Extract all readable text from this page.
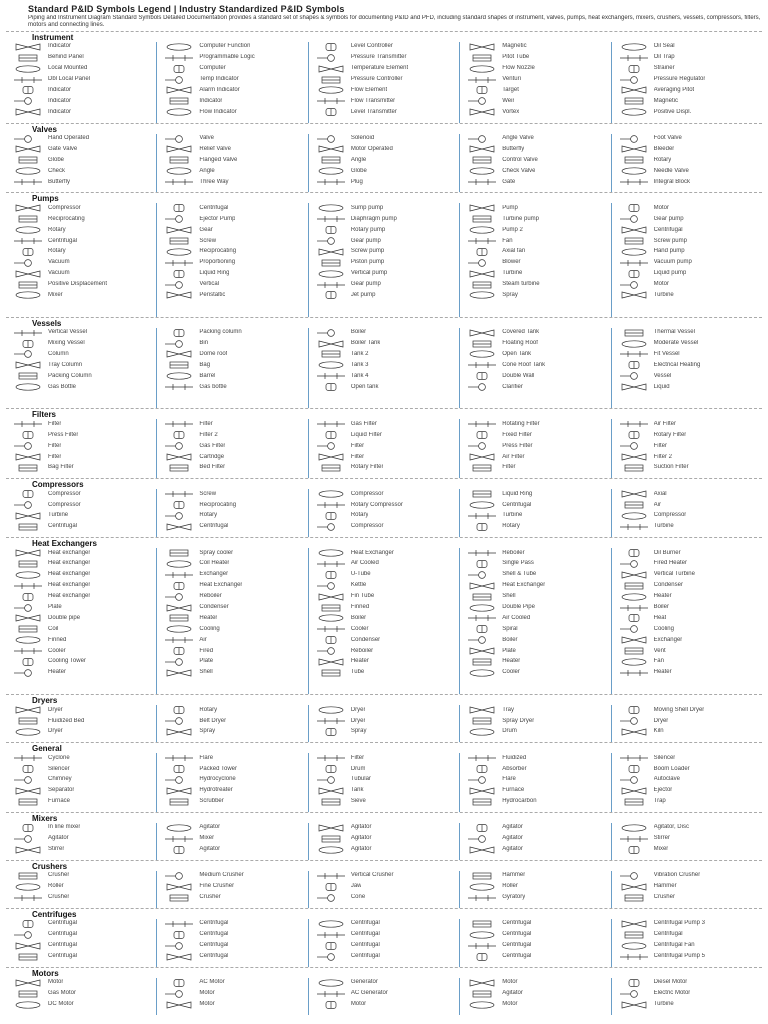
Standard P&ID Symbols Legend | Industry Standardized P&ID Symbols
Piping and Instrument Diagram Standard Symbols Detailed Documentation provides a standard set of shapes & symbols for documenting P&ID and PFD, including standard shapes of instrument, valves, pumps, heat exchangers, mixers, crushers, vessels, compressors, filters, motors and connecting lines.
Instrument
Indicator
Behind Panel
Local Mounted
Dbl Local Panel
Indicator
Indicator
Indicator
Computer Function
Programmable Logic
Computer
Temp Indicator
Alarm Indicator
Indicator
Flow Indicator
Level Controller
Pressure Transmitter
Temperature Element
Pressure Controller
Flow Element
Flow Transmitter
Level Transmitter
Magnetic
Pitot Tube
Flow Nozzle
Venturi
Target
Weir
Vortex
Oil Seal
Oil Trap
Strainer
Pressure Regulator
Averaging Pitot
Magnetic
Positive Displ.
Valves
Hand Operated
Gate Valve
Globe
Check
Butterfly
Valve
Relief Valve
Flanged Valve
Angle
Three Way
Solenoid
Motor Operated
Angle
Globe
Plug
Angle Valve
Butterfly
Control Valve
Check Valve
Gate
Foot Valve
Bleeder
Rotary
Needle Valve
Integral Block
Pumps
Compressor
Reciprocating
Rotary
Centrifugal
Rotary
Vacuum
Vacuum
Positive Displacement
Mixer
Centrifugal
Ejector Pump
Gear
Screw
Reciprocating
Proportioning
Liquid Ring
Vertical
Peristaltic
Sump pump
Diaphragm pump
Rotary pump
Gear pump
Screw pump
Piston pump
Vertical pump
Gear pump
Jet pump
Pump
Turbine pump
Pump 2
Fan
Axial fan
Blower
Turbine
Steam turbine
Spray
Motor
Gear pump
Centrifugal
Screw pump
Hand pump
Vacuum pump
Liquid pump
Motor
Turbine
Vessels
Vertical Vessel
Mixing Vessel
Column
Tray Column
Packing Column
Gas Bottle
Packing column
Bin
Dome roof
Bag
Barrel
Gas bottle
Boiler
Boiler Tank
Tank 2
Tank 3
Tank 4
Open tank
Covered Tank
Floating Roof
Open Tank
Cone Roof Tank
Double Wall
Clarifier
Thermal Vessel
Moderate Vessel
Fit Vessel
Electrical Heating
Vessel
Liquid
Filters
Filter
Press Filter
Filter
Filter
Bag Filter
Filter
Filter 2
Gas Filter
Cartridge
Bed Filter
Gas Filter
Liquid Filter
Filter
Filter
Rotary Filter
Rotating Filter
Fixed Filter
Press Filter
Air Filter
Filter
Air Filter
Rotary Filter
Filter
Filter 2
Suction Filter
Compressors
Compressor
Compressor
Turbine
Centrifugal
Screw
Reciprocating
Rotary
Centrifugal
Compressor
Rotary Compressor
Rotary
Compressor
Liquid Ring
Centrifugal
Turbine
Rotary
Axial
Air
Compressor
Turbine
Heat Exchangers
Heat exchanger
Heat exchanger
Heat exchanger
Heat exchanger
Heat exchanger
Plate
Double pipe
Coil
Finned
Cooler
Cooling Tower
Heater
Spray cooler
Coil Heater
Exchanger
Heat Exchanger
Reboiler
Condenser
Heater
Cooling
Air
Fired
Plate
Shell
Heat Exchanger
Air Cooled
U-Tube
Kettle
Fin Tube
Finned
Boiler
Cooler
Condenser
Reboiler
Heater
Tube
Reboiler
Single Pass
Shell & Tube
Heat Exchanger
Shell
Double Pipe
Air Cooled
Spiral
Boiler
Plate
Heater
Cooler
Oil Burner
Fired Heater
Vertical Turbine
Condenser
Heater
Boiler
Heat
Cooling
Exchanger
Vent
Fan
Heater
Dryers
Dryer
Fluidized Bed
Dryer
Rotary
Belt Dryer
Spray
Dryer
Dryer
Spray
Tray
Spray Dryer
Drum
Moving Shell Dryer
Dryer
Kiln
General
Cyclone
Silencer
Chimney
Separator
Furnace
Flare
Packed Tower
Hydrocyclone
Hydrotreater
Scrubber
Filter
Drum
Tubular
Tank
Sieve
Fluidized
Absorber
Flare
Furnace
Hydrocarbon
Silencer
Boom Loader
Autoclave
Ejector
Trap
Mixers
In line mixer
Agitator
Stirrer
Agitator
Mixer
Agitator
Agitator
Agitator
Agitator
Agitator
Agitator
Agitator
Agitator, Disc
Stirrer
Mixer
Crushers
Crusher
Roller
Crusher
Medium Crusher
Fine Crusher
Crusher
Vertical Crusher
Jaw
Cone
Hammer
Roller
Gyratory
Vibration Crusher
Hammer
Crusher
Centrifuges
Centrifugal
Centrifugal
Centrifugal
Centrifugal
Centrifugal
Centrifugal
Centrifugal
Centrifugal
Centrifugal
Centrifugal
Centrifugal
Centrifugal
Centrifugal
Centrifugal
Centrifugal
Centrifugal
Centrifugal Pump 3
Centrifugal
Centrifugal Fan
Centrifugal Pump 5
Motors
Motor
Gas Motor
DC Motor
AC Motor
Motor
Motor
Generator
AC Generator
Motor
Motor
Agitator
Motor
Diesel Motor
Electric Motor
Turbine
